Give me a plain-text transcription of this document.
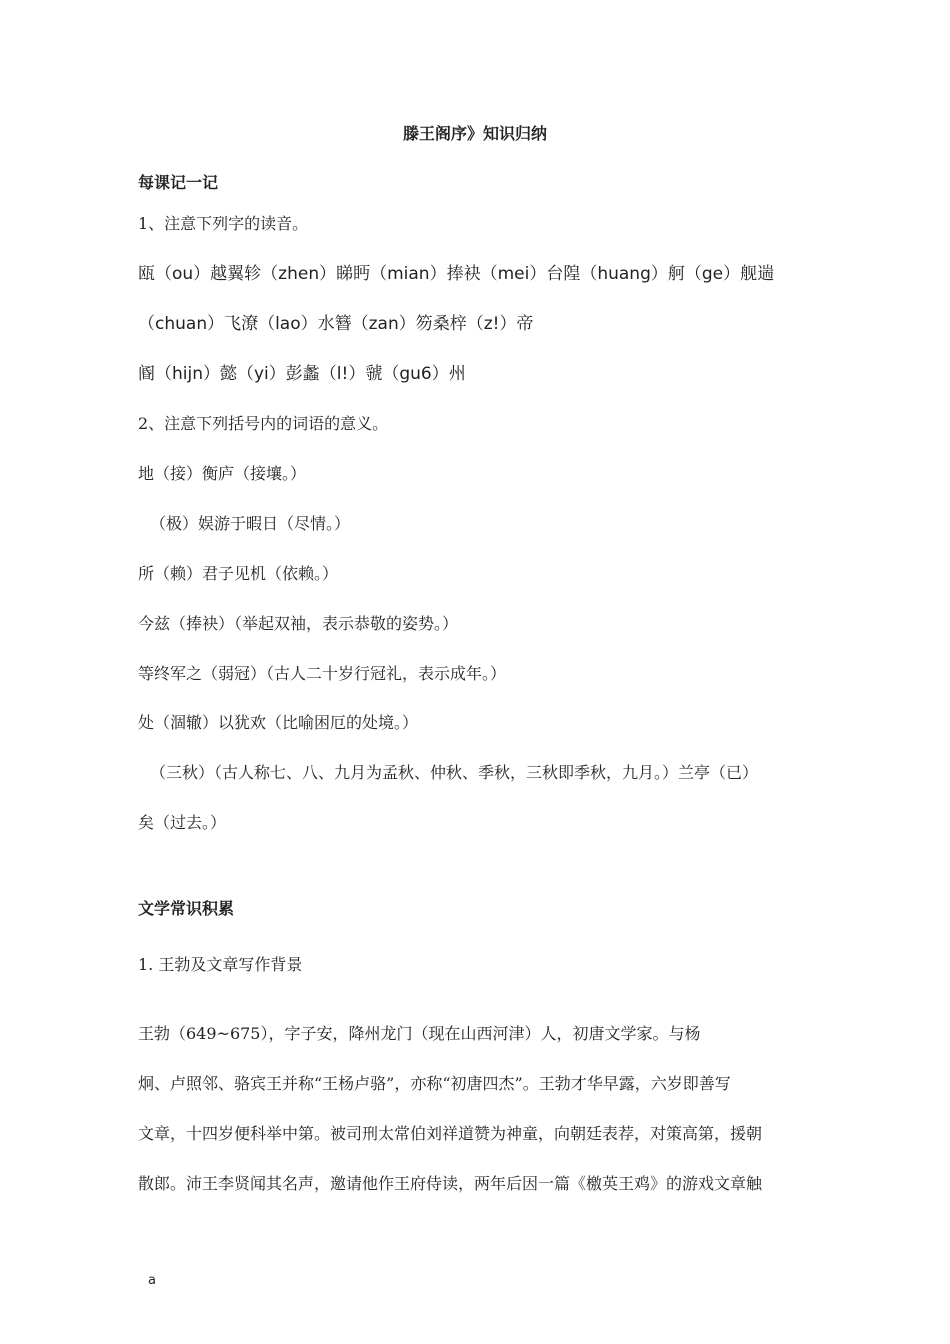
滕王阁序》知识归纳
每课记一记
1、注意下列字的读音。
瓯（ou）越翼轸（zhen）睇眄（mian）捧袂（mei）台隍（huang）舸（ge）舰遄
（chuan）飞潦（lao）水簪（zan）笏桑梓（z!）帝
阍（hijn）懿（yi）彭蠡（l!）虢（gu6）州
2、注意下列括号内的词语的意义。
地（接）衡庐（接壤。）
（极）娱游于暇日（尽情。）
所（赖）君子见机（依赖。）
今兹（捧袂）（举起双袖，表示恭敬的姿势。）
等终军之（弱冠）（古人二十岁行冠礼，表示成年。）
处（涸辙）以犹欢（比喻困厄的处境。）
（三秋）（古人称七、八、九月为孟秋、仲秋、季秋，三秋即季秋，九月。）兰亭（已）
矣（过去。）
文学常识积累
1. 王勃及文章写作背景
王勃（649~675），字子安，降州龙门（现在山西河津）人，初唐文学家。与杨
炯、卢照邻、骆宾王并称“王杨卢骆”，亦称“初唐四杰”。王勃才华早露，六岁即善写
文章，十四岁便科举中第。被司刑太常伯刘祥道赞为神童，向朝廷表荐，对策高第，援朝
散郎。沛王李贤闻其名声，邀请他作王府侍读，两年后因一篇《檄英王鸡》的游戏文章触
a
